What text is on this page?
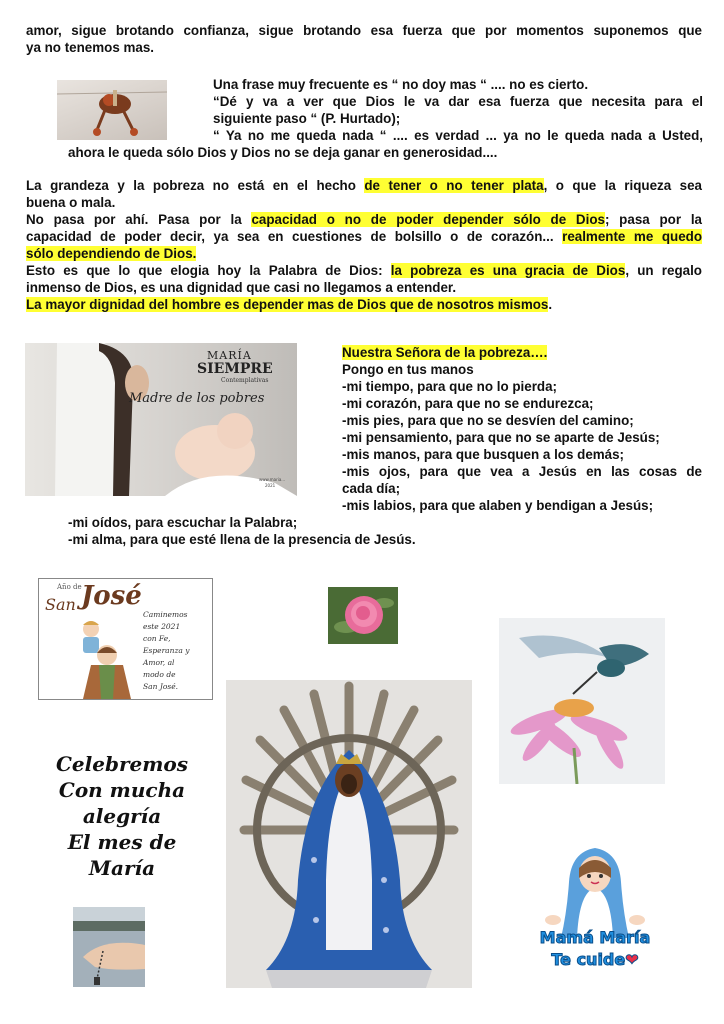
amor, sigue brotando confianza, sigue brotando esa fuerza que por momentos suponemos que
ya no tenemos mas.
Una frase muy frecuente es “ no doy mas “ .... no es cierto.
“Dé y va a ver que Dios le va dar esa fuerza que necesita para el
siguiente paso “ (P. Hurtado);
“ Ya no me queda nada “ .... es verdad ... ya no le queda nada a Usted,
ahora le queda sólo Dios y Dios no se deja ganar en generosidad....
La grandeza y la pobreza no está en el hecho de tener o no tener plata, o que la riqueza sea
buena o mala.
No pasa por ahí. Pasa por la capacidad o no de poder depender sólo de Dios; pasa por la
capacidad de poder decir, ya sea en cuestiones de bolsillo o de corazón... realmente me quedo
sólo dependiendo de Dios.
Esto es que lo que elogia hoy la Palabra de Dios: la pobreza es una gracia de Dios, un regalo
inmenso de Dios, es una dignidad que casi no llegamos a entender.
La mayor dignidad del hombre es depender mas de Dios que de nosotros mismos.
MARÍA
SIEMPRE
Contemplativas
Madre de los pobres
www.maria...
2021
Nuestra Señora de la pobreza….
Pongo en tus manos
-mi tiempo, para que no lo pierda;
-mi corazón, para que no se endurezca;
-mis pies, para que no se desvíen del camino;
-mi pensamiento, para que no se aparte de Jesús;
-mis manos, para que busquen a los demás;
-mis ojos, para que vea a Jesús en las cosas de
cada día;
-mis labios, para que alaben y bendigan a Jesús;
-mi oídos, para escuchar la Palabra;
-mi alma, para que esté llena de la presencia de Jesús.
Año de
San José
Caminemos
este 2021
con Fe,
Esperanza y
Amor, al
modo de
San José.
Celebremos
Con mucha
alegría
El mes de
María
Mamá María
Te cuide❤
